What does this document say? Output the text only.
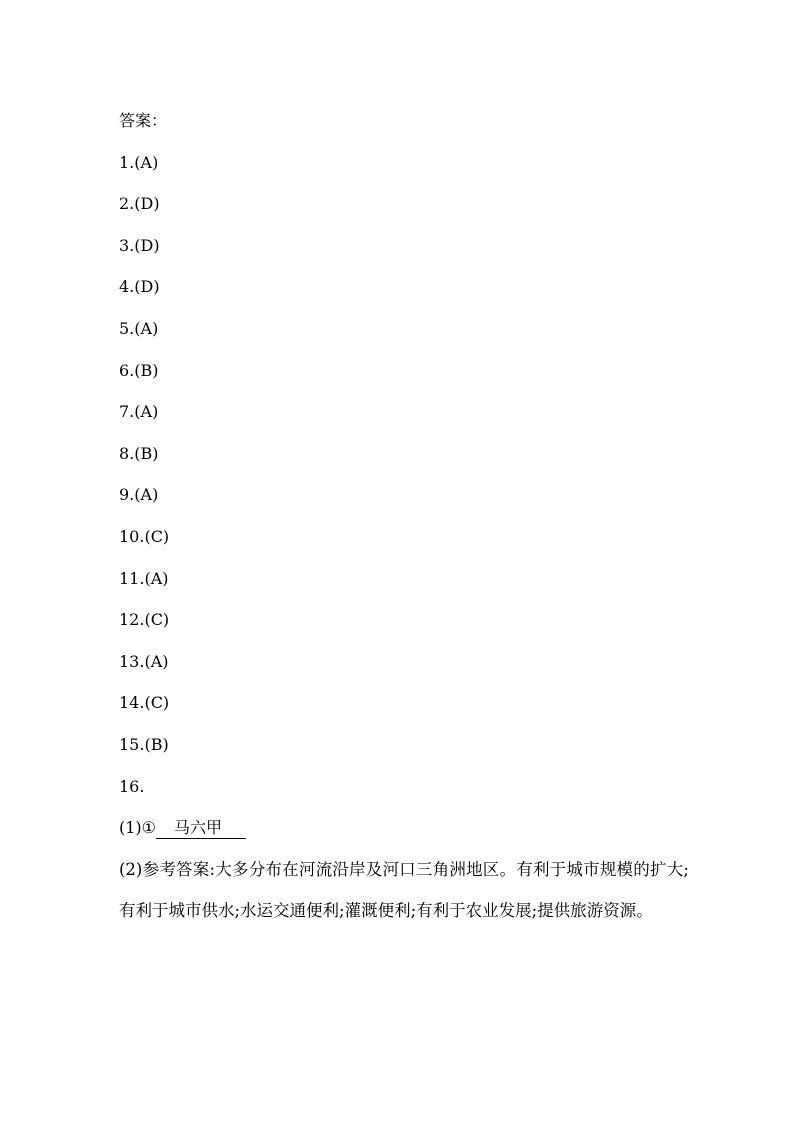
答案：
1.(A)
2.(D)
3.(D)
4.(D)
5.(A)
6.(B)
7.(A)
8.(B)
9.(A)
10.(C)
11.(A)
12.(C)
13.(A)
14.(C)
15.(B)
16.
(1)① 马六甲
(2)参考答案:大多分布在河流沿岸及河口三角洲地区。有利于城市规模的扩大;有利于城市供水;水运交通便利;灌溉便利;有利于农业发展;提供旅游资源。
